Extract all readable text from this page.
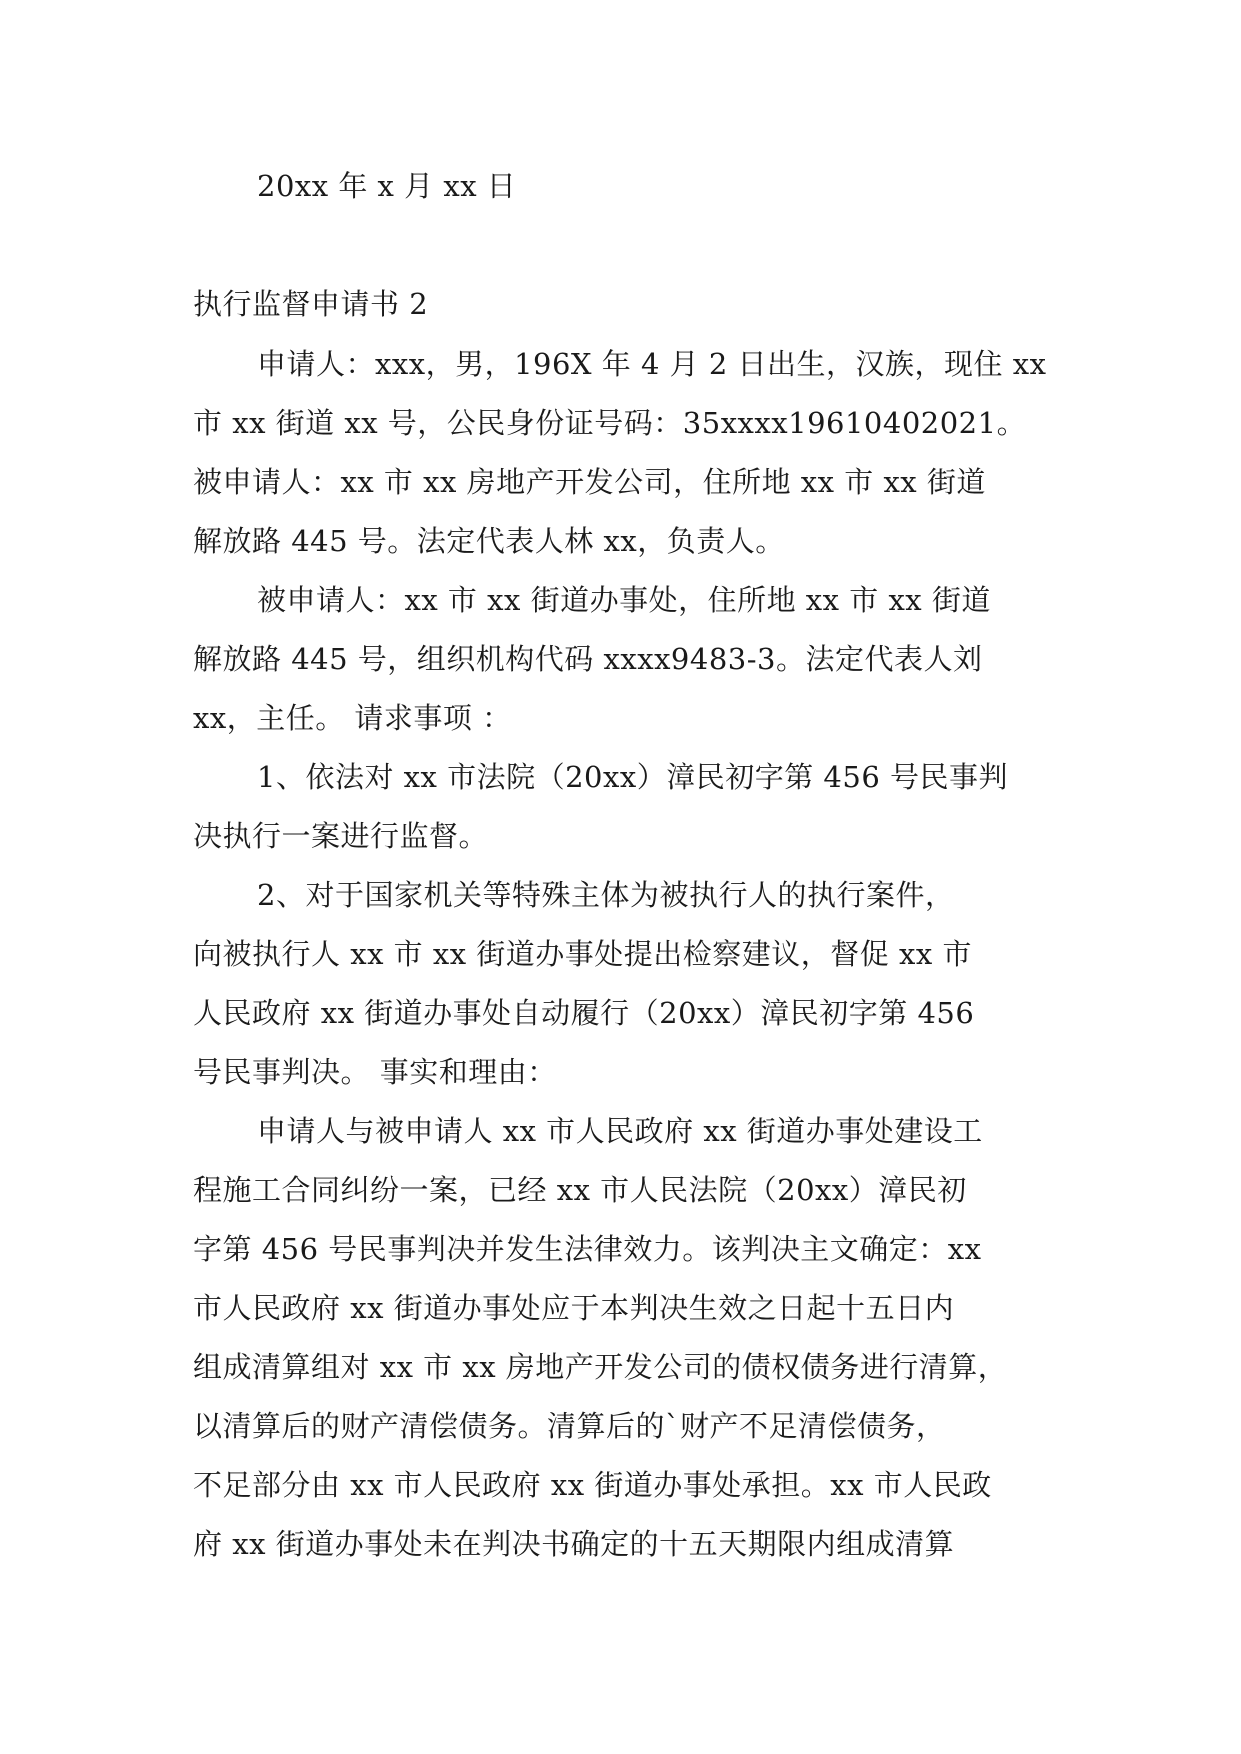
20xx 年 x 月 xx 日
执行监督申请书 2
申请人：xxx，男，196X 年 4 月 2 日出生，汉族，现住 xx
市 xx 街道 xx 号，公民身份证号码：35xxxx19610402021。
被申请人：xx 市 xx 房地产开发公司，住所地 xx 市 xx 街道
解放路 445 号。法定代表人林 xx，负责人。
被申请人：xx 市 xx 街道办事处，住所地 xx 市 xx 街道
解放路 445 号，组织机构代码 xxxx9483-3。法定代表人刘
xx，主任。 请求事项 ：
1、依法对 xx 市法院（20xx）漳民初字第 456 号民事判
决执行一案进行监督。
2、对于国家机关等特殊主体为被执行人的执行案件，
向被执行人 xx 市 xx 街道办事处提出检察建议，督促 xx 市
人民政府 xx 街道办事处自动履行（20xx）漳民初字第 456
号民事判决。 事实和理由：
申请人与被申请人 xx 市人民政府 xx 街道办事处建设工
程施工合同纠纷一案，已经 xx 市人民法院（20xx）漳民初
字第 456 号民事判决并发生法律效力。该判决主文确定：xx
市人民政府 xx 街道办事处应于本判决生效之日起十五日内
组成清算组对 xx 市 xx 房地产开发公司的债权债务进行清算，
以清算后的财产清偿债务。清算后的`财产不足清偿债务，
不足部分由 xx 市人民政府 xx 街道办事处承担。xx 市人民政
府 xx 街道办事处未在判决书确定的十五天期限内组成清算
